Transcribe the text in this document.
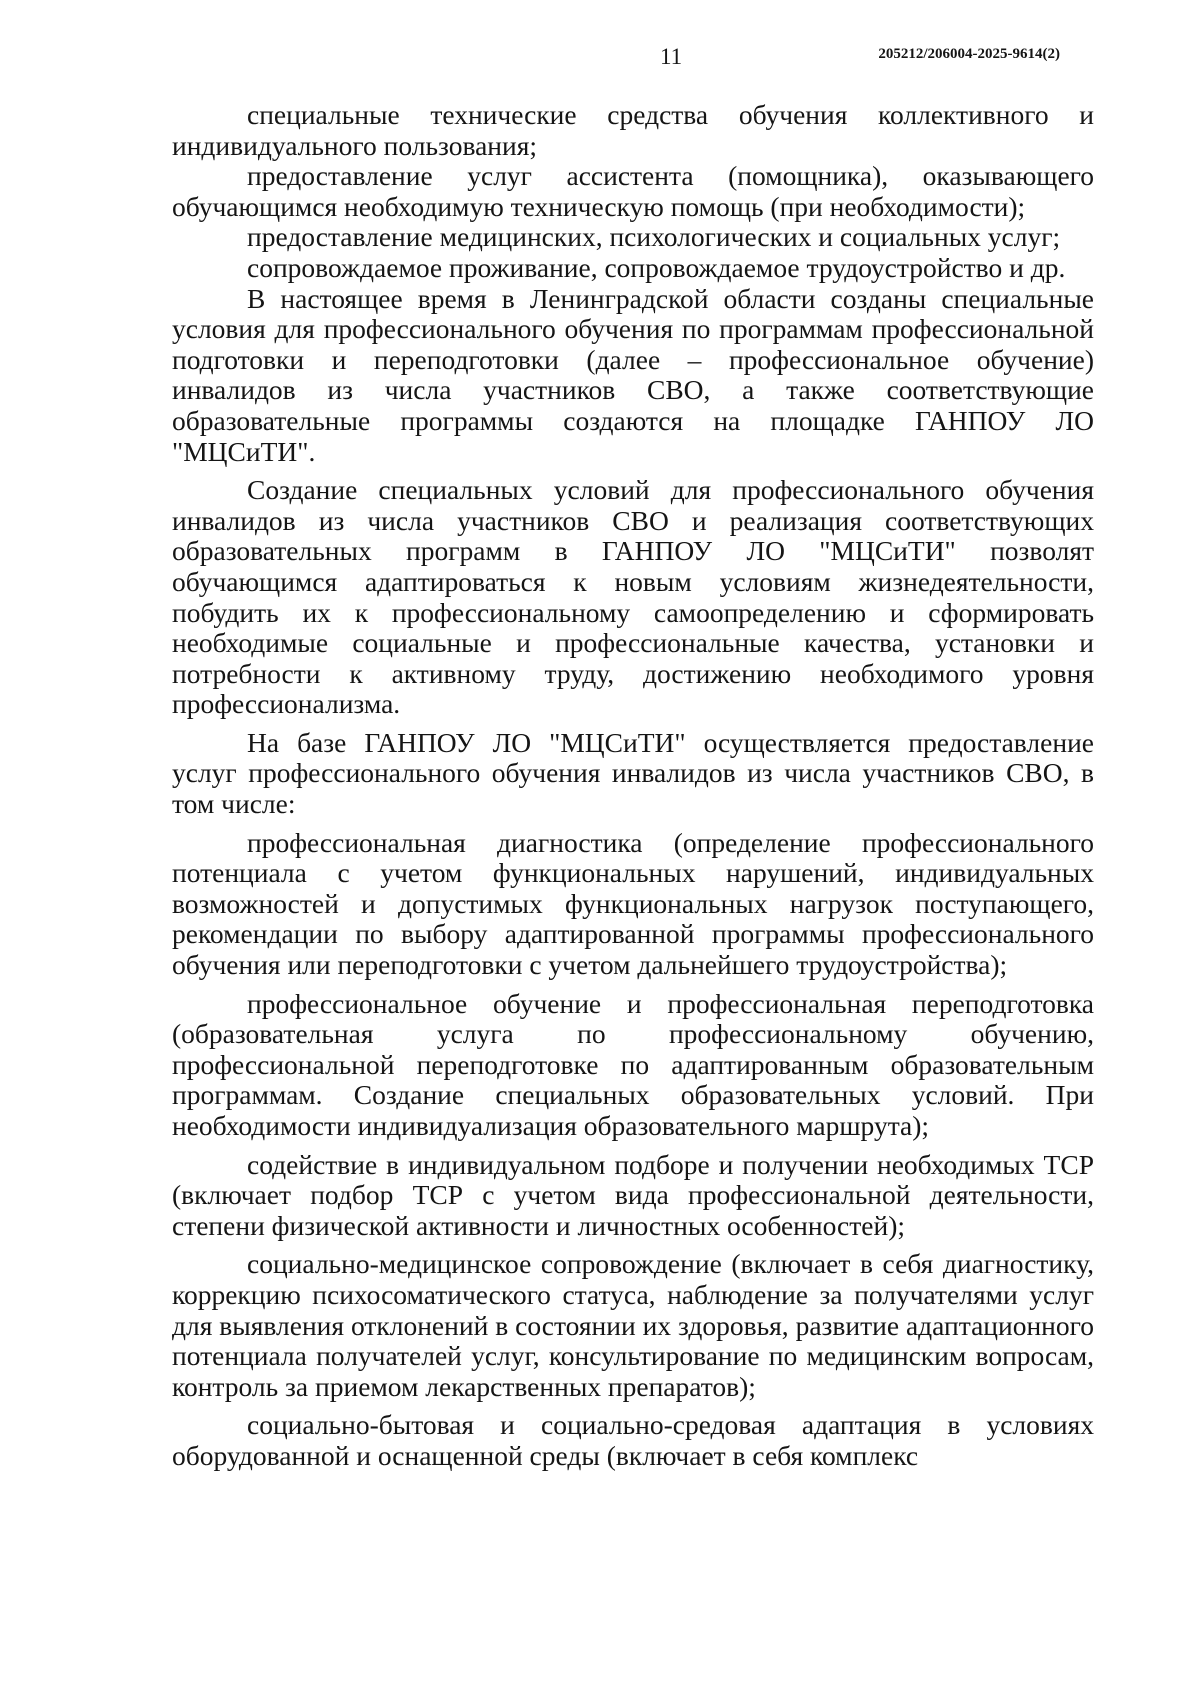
11	205212/206004-2025-9614(2)

специальные технические средства обучения коллективного и индивидуального пользования;

предоставление услуг ассистента (помощника), оказывающего обучающимся необходимую техническую помощь (при необходимости);

предоставление медицинских, психологических и социальных услуг;

сопровождаемое проживание, сопровождаемое трудоустройство и др.

В настоящее время в Ленинградской области созданы специальные условия для профессионального обучения по программам профессиональной подготовки и переподготовки (далее – профессиональное обучение) инвалидов из числа участников СВО, а также соответствующие образовательные программы создаются на площадке ГАНПОУ ЛО "МЦСиТИ".

Создание специальных условий для профессионального обучения инвалидов из числа участников СВО и реализация соответствующих образовательных программ в ГАНПОУ ЛО "МЦСиТИ" позволят обучающимся адаптироваться к новым условиям жизнедеятельности, побудить их к профессиональному самоопределению и сформировать необходимые социальные и профессиональные качества, установки и потребности к активному труду, достижению необходимого уровня профессионализма.

На базе ГАНПОУ ЛО "МЦСиТИ" осуществляется предоставление услуг профессионального обучения инвалидов из числа участников СВО, в том числе:

профессиональная диагностика (определение профессионального потенциала с учетом функциональных нарушений, индивидуальных возможностей и допустимых функциональных нагрузок поступающего, рекомендации по выбору адаптированной программы профессионального обучения или переподготовки с учетом дальнейшего трудоустройства);

профессиональное обучение и профессиональная переподготовка (образовательная услуга по профессиональному обучению, профессиональной переподготовке по адаптированным образовательным программам. Создание специальных образовательных условий. При необходимости индивидуализация образовательного маршрута);

содействие в индивидуальном подборе и получении необходимых ТСР (включает подбор ТСР с учетом вида профессиональной деятельности, степени физической активности и личностных особенностей);

социально-медицинское сопровождение (включает в себя диагностику, коррекцию психосоматического статуса, наблюдение за получателями услуг для выявления отклонений в состоянии их здоровья, развитие адаптационного потенциала получателей услуг, консультирование по медицинским вопросам, контроль за приемом лекарственных препаратов);

социально-бытовая и социально-средовая адаптация в условиях оборудованной и оснащенной среды (включает в себя комплекс
